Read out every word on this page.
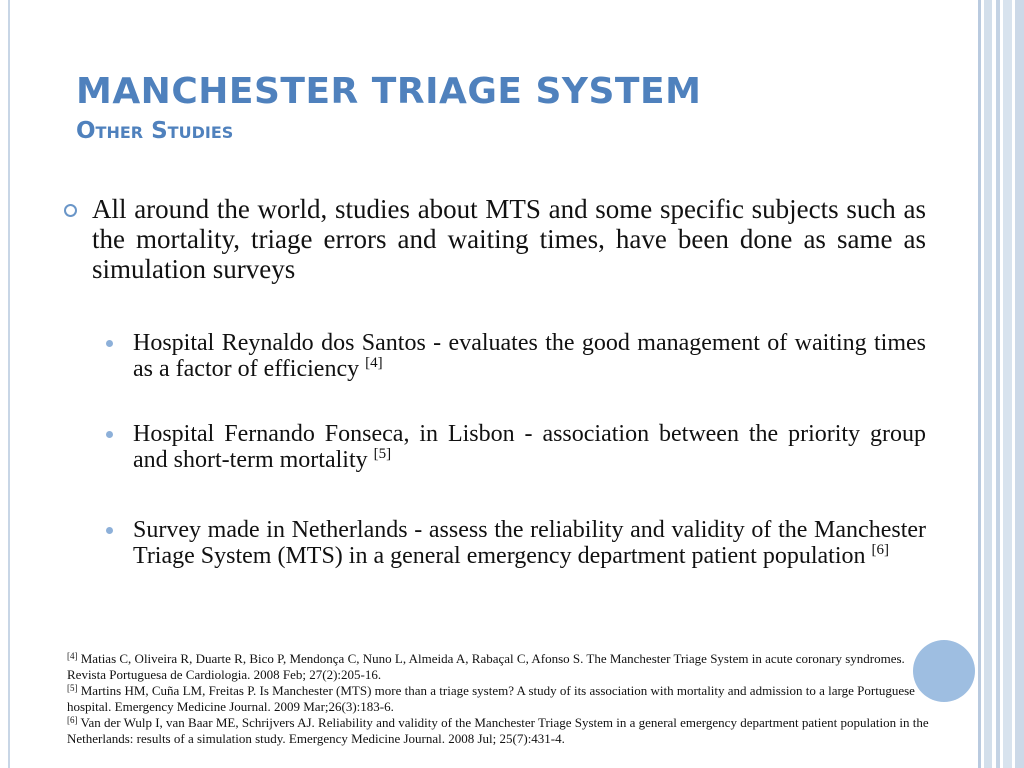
MANCHESTER TRIAGE SYSTEM
Other Studies
All around the world, studies about MTS and some specific subjects such as the mortality, triage errors and waiting times, have been done as same as simulation surveys
Hospital Reynaldo dos Santos - evaluates the good management of waiting times as a factor of efficiency [4]
Hospital Fernando Fonseca, in Lisbon - association between the priority group and short-term mortality [5]
Survey made in Netherlands - assess the reliability and validity of the Manchester Triage System (MTS) in a general emergency department patient population [6]

[4] Matias C, Oliveira R, Duarte R, Bico P, Mendonça C, Nuno L, Almeida A, Rabaçal C, Afonso S. The Manchester Triage System in acute coronary syndromes. Revista Portuguesa de Cardiologia. 2008 Feb; 27(2):205-16.

[5] Martins HM, Cuña LM, Freitas P. Is Manchester (MTS) more than a triage system? A study of its association with mortality and admission to a large Portuguese hospital. Emergency Medicine Journal. 2009 Mar;26(3):183-6.

[6] Van der Wulp I, van Baar ME, Schrijvers AJ. Reliability and validity of the Manchester Triage System in a general emergency department patient population in the Netherlands: results of a simulation study. Emergency Medicine Journal. 2008 Jul; 25(7):431-4.
